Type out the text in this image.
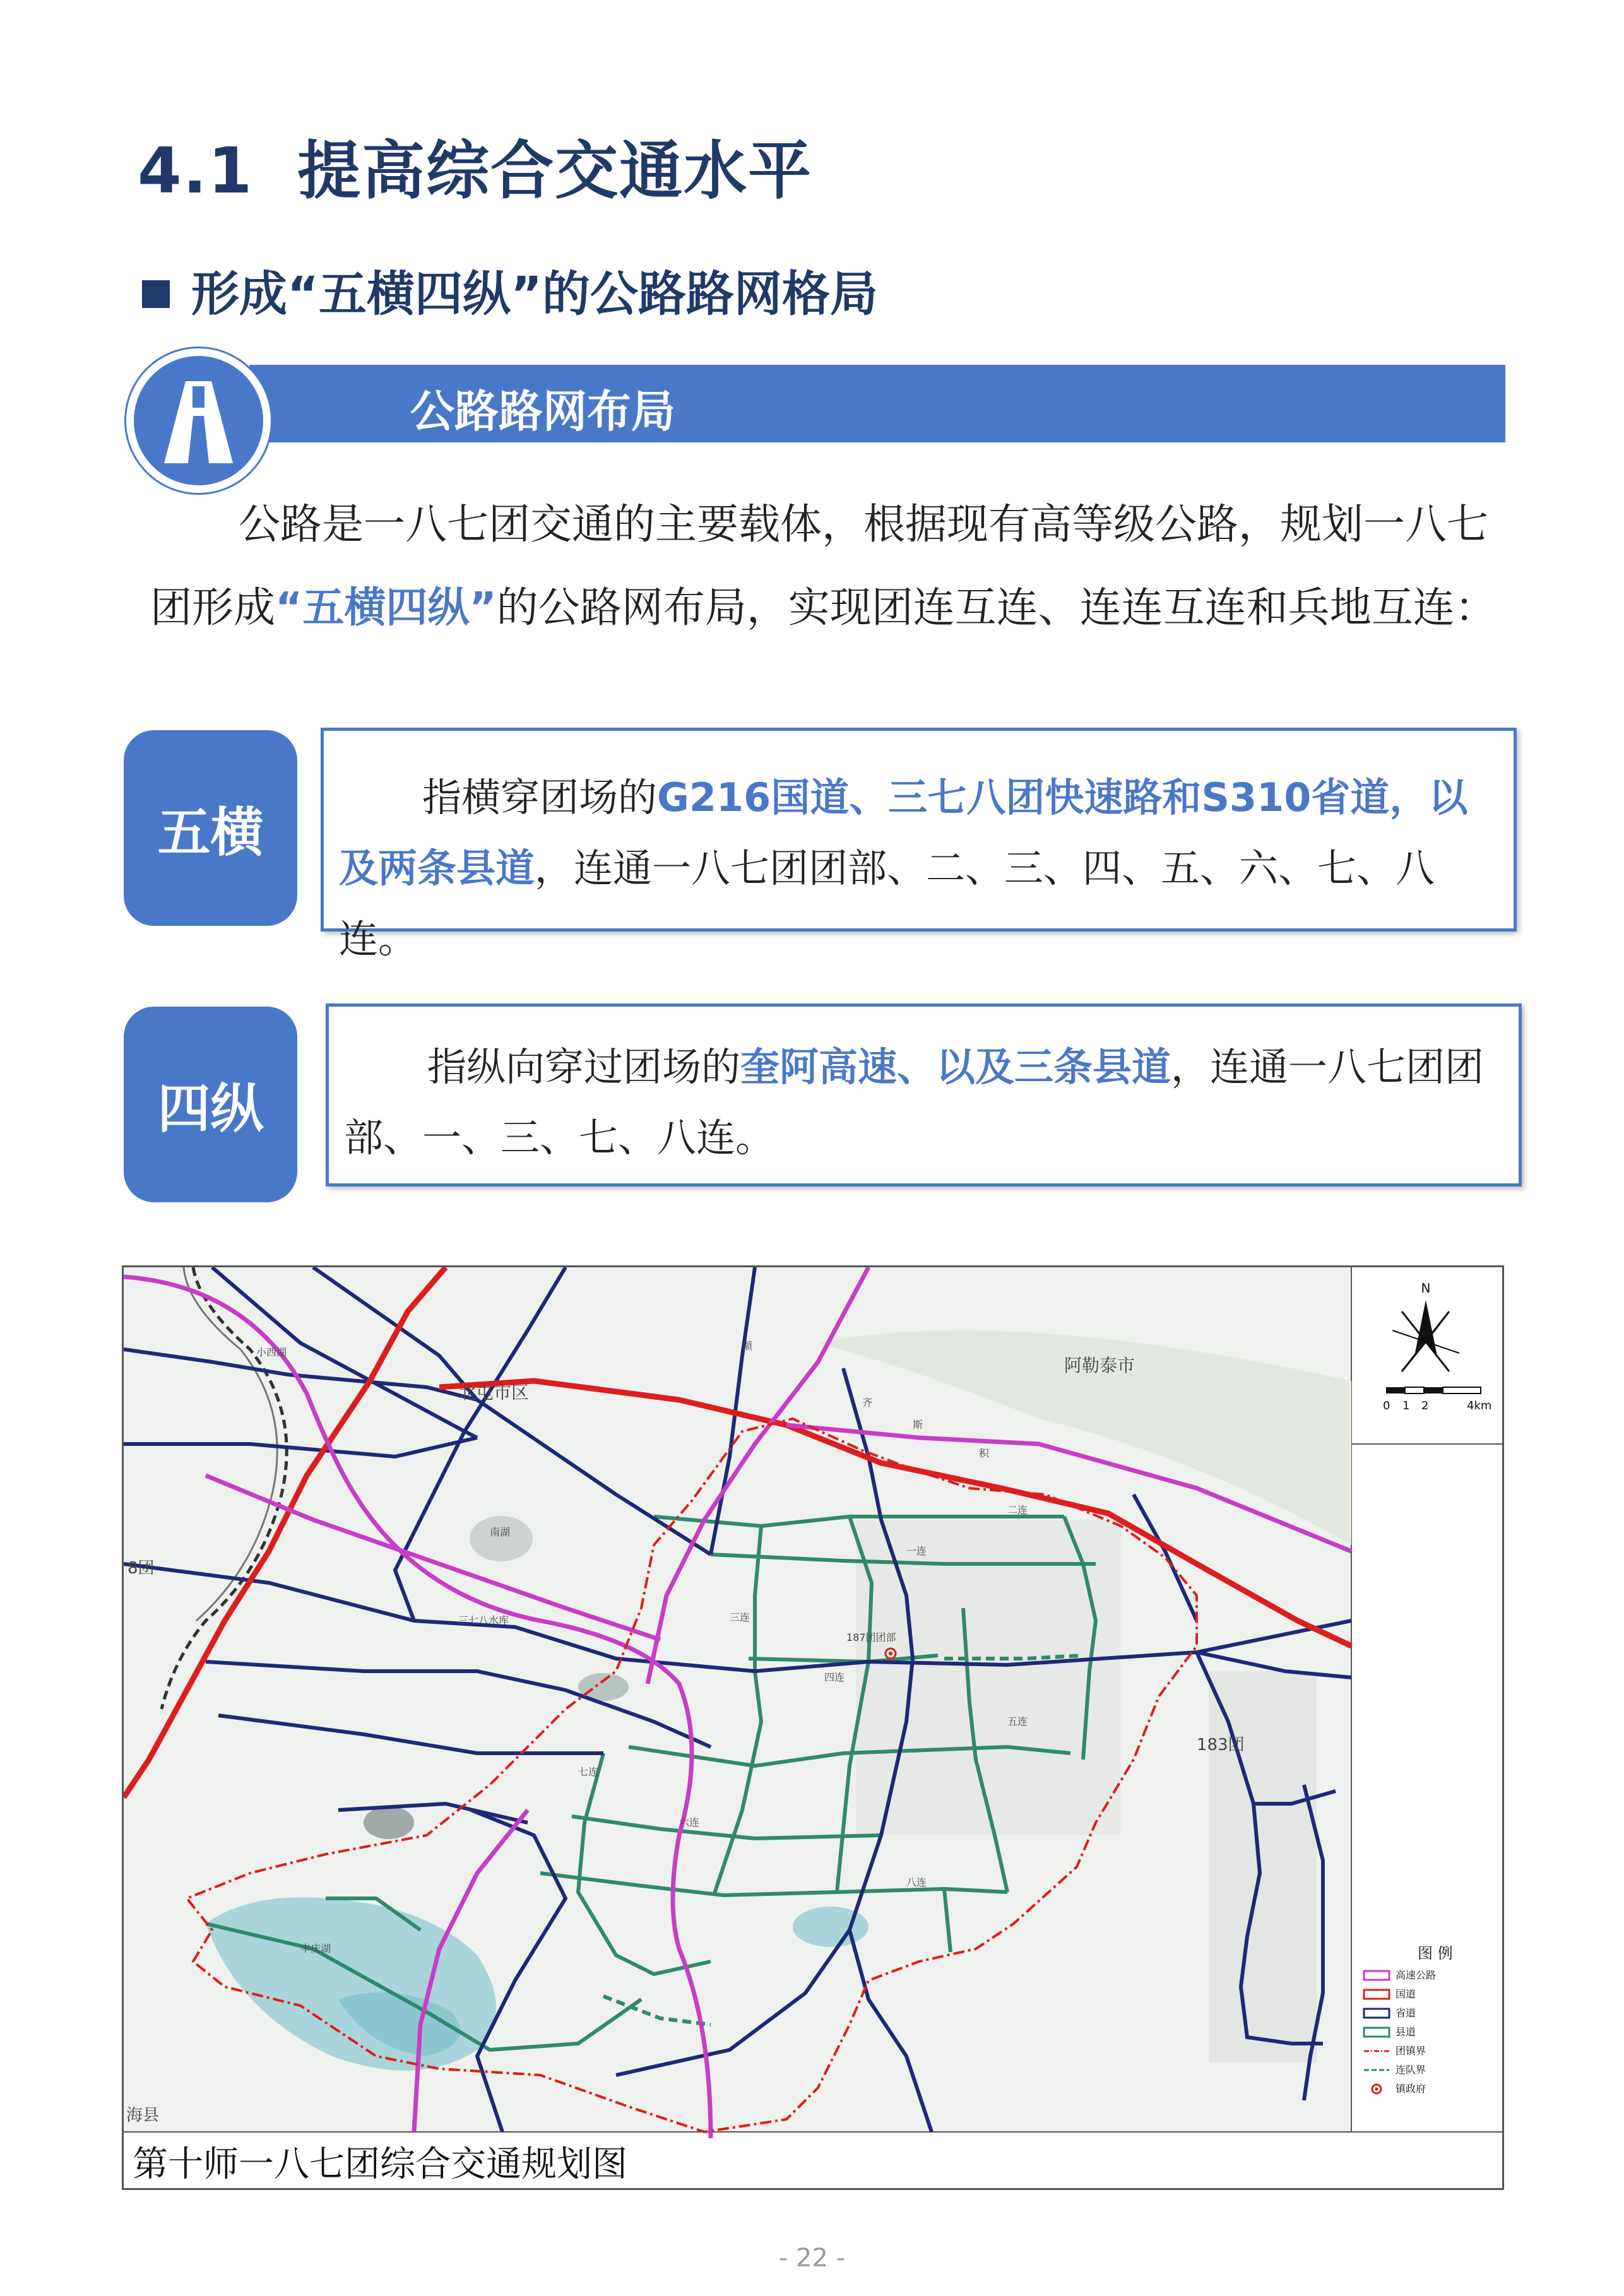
4.1 提高综合交通水平
形成“五横四纵”的公路路网格局
公路路网布局
公路是一八七团交通的主要载体，根据现有高等级公路，规划一八七团形成“五横四纵”的公路网布局，实现团连互连、连连互连和兵地互连：
五横
指横穿团场的G216国道、三七八团快速路和S310省道，以及两条县道，连通一八七团团部、二、三、四、五、六、七、八连。
四纵
指纵向穿过团场的奎阿高速、以及三条县道，连通一八七团团部、一、三、七、八连。
北屯市区
阿勒泰市
183团
8团
三七八水库
丰庆湖
南湖
小西湖
187团团部
一连
二连
三连
四连
五连
六连
七连
八连
海县
齐
斯
积
額
N
0 1 2	4km
图 例
高速公路
国道
省道
县道
团镇界
连队界
镇政府
第十师一八七团综合交通规划图
- 22 -
